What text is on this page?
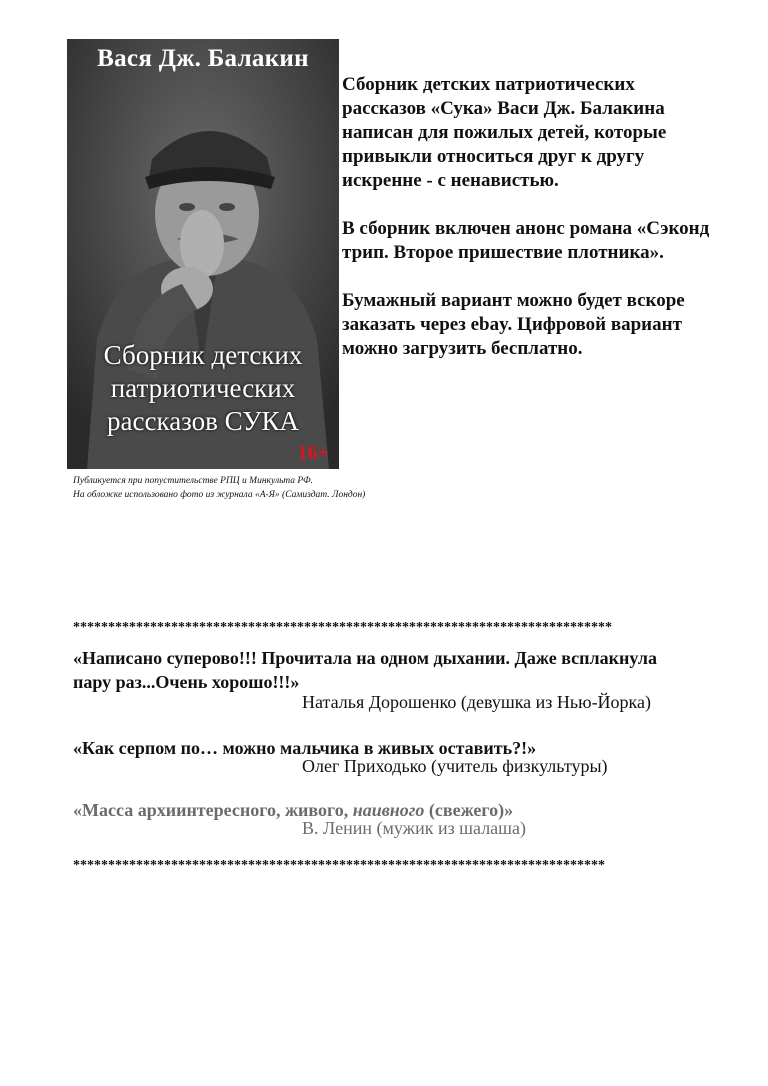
Вася Дж. Балакин
Сборник детских
патриотических
рассказов СУКА
16+

Сборник детских патриотических рассказов «Сука» Васи Дж. Балакина написан для пожилых детей, которые привыкли относиться друг к другу искренне - с ненавистью.

В сборник включен анонс романа «Сэконд трип. Второе пришествие плотника».

Бумажный вариант можно будет вскоре заказать через ebay. Цифровой вариант можно загрузить бесплатно.

Публикуется при попустительстве РПЦ и Минкульта РФ.
На обложке использовано фото из журнала «А-Я» (Самиздат. Лондон)
*****************************************************************************
«Написано суперово!!! Прочитала на одном дыхании. Даже всплакнула пару раз...Очень хорошо!!!»
Наталья Дорошенко (девушка из Нью-Йорка)
«Как серпом по… можно мальчика в живых оставить?!»
Олег Приходько (учитель физкультуры)
«Масса архиинтересного, живого, наивного (свежего)»
В. Ленин (мужик из шалаша)
****************************************************************************
